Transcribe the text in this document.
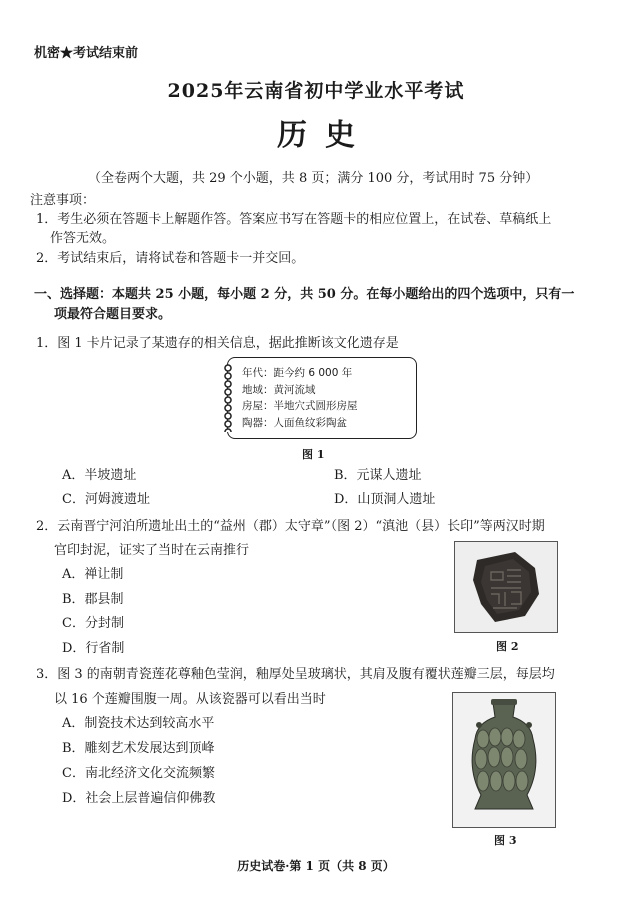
机密★考试结束前
2025年云南省初中学业水平考试
历史
（全卷两个大题，共 29 个小题，共 8 页；满分 100 分，考试用时 75 分钟）
注意事项：
1．考生必须在答题卡上解题作答。答案应书写在答题卡的相应位置上，在试卷、草稿纸上
作答无效。
2．考试结束后，请将试卷和答题卡一并交回。
一、选择题：本题共 25 小题，每小题 2 分，共 50 分。在每小题给出的四个选项中，只有一
项最符合题目要求。
1．图 1 卡片记录了某遗存的相关信息，据此推断该文化遗存是
年代：距今约 6 000 年
地域：黄河流域
房屋：半地穴式圆形房屋
陶器：人面鱼纹彩陶盆
图 1
A．半坡遗址	B．元谋人遗址
C．河姆渡遗址	D．山顶洞人遗址
2．云南晋宁河泊所遗址出土的“益州（郡）太守章”（图 2）“滇池（县）长印”等两汉时期
官印封泥，证实了当时在云南推行
A．禅让制
B．郡县制
C．分封制
D．行省制	图 2
3．图 3 的南朝青瓷莲花尊釉色莹润，釉厚处呈玻璃状，其肩及腹有覆状莲瓣三层，每层均
以 16 个莲瓣围腹一周。从该瓷器可以看出当时
A．制瓷技术达到较高水平
B．雕刻艺术发展达到顶峰
C．南北经济文化交流频繁
D．社会上层普遍信仰佛教
图 3
历史试卷·第 1 页（共 8 页）
